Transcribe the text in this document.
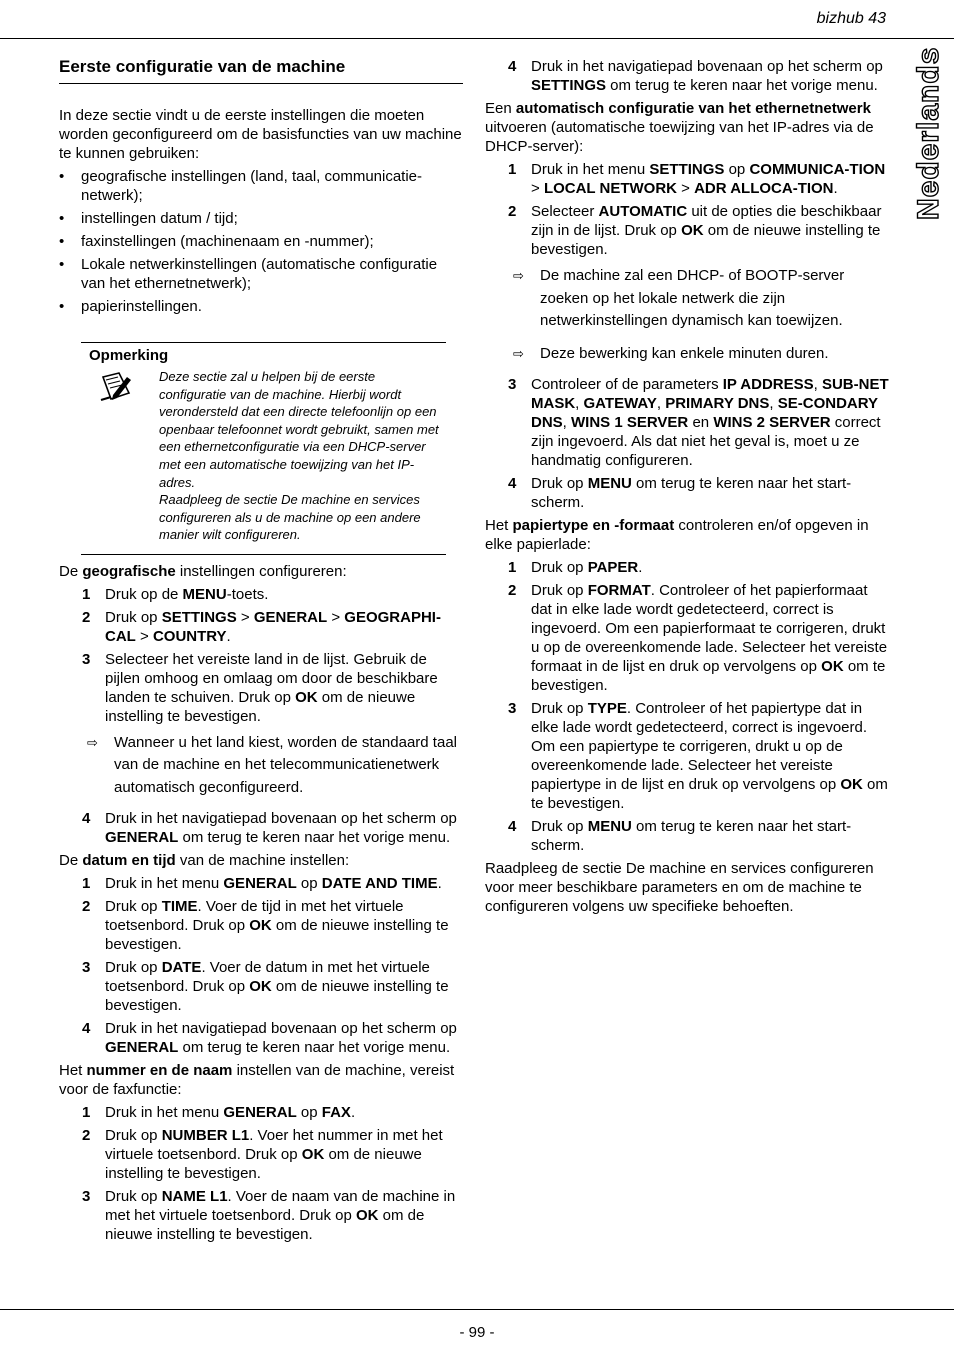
bizhub 43
Nederlands
- 99 -
Eerste configuratie van de machine

In deze sectie vindt u de eerste instellingen die moeten worden geconfigureerd om de basisfuncties van uw machine te kunnen gebruiken:

• geografische instellingen (land, taal, communicatie-netwerk);
• instellingen datum / tijd;
• faxinstellingen (machinenaam en -nummer);
• Lokale netwerkinstellingen (automatische configuratie van het ethernetnetwerk);
• papierinstellingen.
Opmerking
Deze sectie zal u helpen bij de eerste configuratie van de machine. Hierbij wordt verondersteld dat een directe telefoonlijn op een openbaar telefoonnet wordt gebruikt, samen met een ethernetconfiguratie via een DHCP-server met een automatische toewijzing van het IP-adres.
Raadpleeg de sectie De machine en services configureren als u de machine op een andere manier wilt configureren.

De geografische instellingen configureren:

1 Druk op de MENU-toets.
2 Druk op SETTINGS > GENERAL > GEOGRAPHI-CAL > COUNTRY.
3 Selecteer het vereiste land in de lijst. Gebruik de pijlen omhoog en omlaag om door de beschikbare landen te schuiven. Druk op OK om de nieuwe instelling te bevestigen.
⇨ Wanneer u het land kiest, worden de standaard taal van de machine en het telecommunicatienetwerk automatisch geconfigureerd.
4 Druk in het navigatiepad bovenaan op het scherm op GENERAL om terug te keren naar het vorige menu.

De datum en tijd van de machine instellen:

1 Druk in het menu GENERAL op DATE AND TIME.
2 Druk op TIME. Voer de tijd in met het virtuele toetsenbord. Druk op OK om de nieuwe instelling te bevestigen.
3 Druk op DATE. Voer de datum in met het virtuele toetsenbord. Druk op OK om de nieuwe instelling te bevestigen.
4 Druk in het navigatiepad bovenaan op het scherm op GENERAL om terug te keren naar het vorige menu.

Het nummer en de naam instellen van de machine, vereist voor de faxfunctie:

1 Druk in het menu GENERAL op FAX.
2 Druk op NUMBER L1. Voer het nummer in met het virtuele toetsenbord. Druk op OK om de nieuwe instelling te bevestigen.
3 Druk op NAME L1. Voer de naam van de machine in met het virtuele toetsenbord. Druk op OK om de nieuwe instelling te bevestigen.
4 Druk in het navigatiepad bovenaan op het scherm op SETTINGS om terug te keren naar het vorige menu.

Een automatisch configuratie van het ethernetnetwerk uitvoeren (automatische toewijzing van het IP-adres via de DHCP-server):

1 Druk in het menu SETTINGS op COMMUNICA-TION > LOCAL NETWORK > ADR ALLOCA-TION.
2 Selecteer AUTOMATIC uit de opties die beschikbaar zijn in de lijst. Druk op OK om de nieuwe instelling te bevestigen.
⇨ De machine zal een DHCP- of BOOTP-server zoeken op het lokale netwerk die zijn netwerkinstellingen dynamisch kan toewijzen.
⇨ Deze bewerking kan enkele minuten duren.
3 Controleer of de parameters IP ADDRESS, SUB-NET MASK, GATEWAY, PRIMARY DNS, SE-CONDARY DNS, WINS 1 SERVER en WINS 2 SERVER correct zijn ingevoerd. Als dat niet het geval is, moet u ze handmatig configureren.
4 Druk op MENU om terug te keren naar het start-scherm.

Het papiertype en -formaat controleren en/of opgeven in elke papierlade:

1 Druk op PAPER.
2 Druk op FORMAT. Controleer of het papierformaat dat in elke lade wordt gedetecteerd, correct is ingevoerd. Om een papierformaat te corrigeren, drukt u op de overeenkomende lade. Selecteer het vereiste formaat in de lijst en druk op vervolgens op OK om te bevestigen.
3 Druk op TYPE. Controleer of het papiertype dat in elke lade wordt gedetecteerd, correct is ingevoerd. Om een papiertype te corrigeren, drukt u op de overeenkomende lade. Selecteer het vereiste papiertype in de lijst en druk op vervolgens op OK om te bevestigen.
4 Druk op MENU om terug te keren naar het start-scherm.

Raadpleeg de sectie De machine en services configureren voor meer beschikbare parameters en om de machine te configureren volgens uw specifieke behoeften.
